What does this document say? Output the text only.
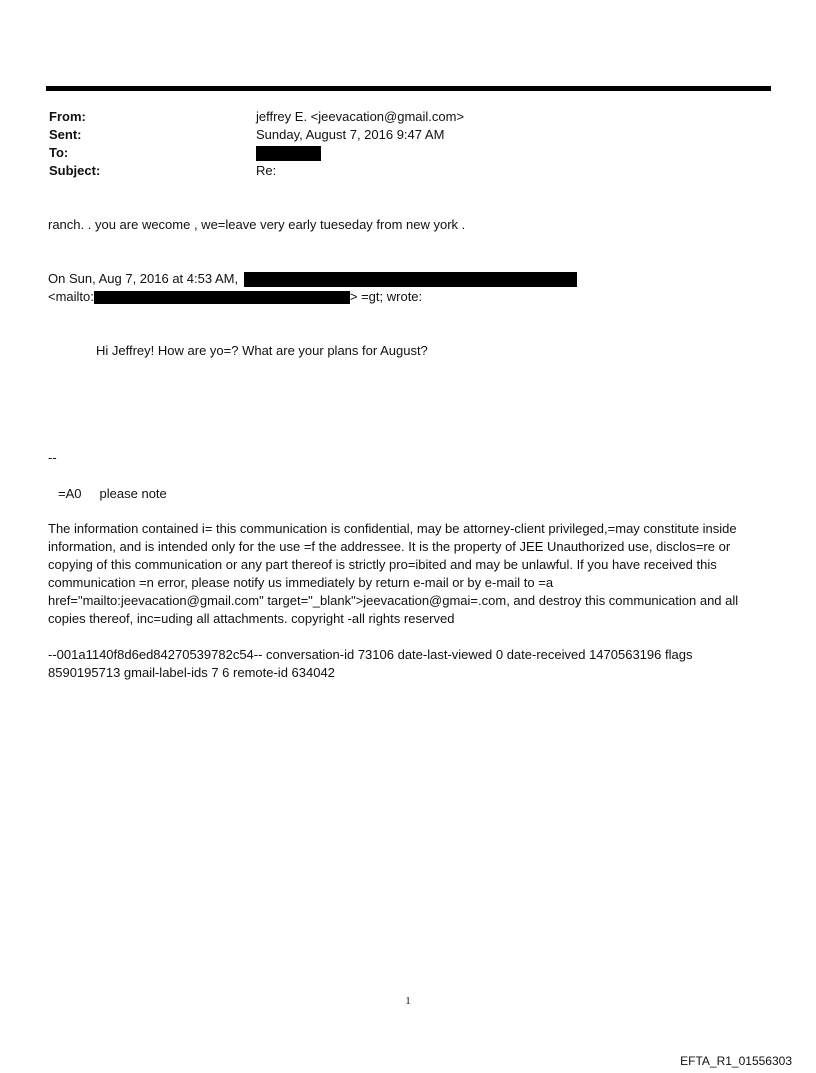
From:	jeffrey E. <jeevacation@gmail.com>
Sent:	Sunday, August 7, 2016 9:47 AM
To:
Subject:	Re:
ranch. . you are wecome , we=leave very early tueseday from new york .
On Sun, Aug 7, 2016 at 4:53 AM,
<mailto:	> =gt; wrote:
Hi Jeffrey! How are yo=? What are your plans for August?
--
=A0     please note
The information contained i= this communication is confidential, may be attorney-client privileged,=may constitute inside information, and is intended only for the use =f the addressee. It is the property of JEE Unauthorized use, disclos=re or copying of this communication or any part thereof is strictly pro=ibited and may be unlawful. If you have received this communication =n error, please notify us immediately by return e-mail or by e-mail to =a href="mailto:jeevacation@gmail.com" target="_blank">jeevacation@gmai=.com, and destroy this communication and all copies thereof, inc=uding all attachments. copyright -all rights reserved
--001a1140f8d6ed84270539782c54-- conversation-id 73106 date-last-viewed 0 date-received 1470563196 flags 8590195713 gmail-label-ids 7 6 remote-id 634042
1
EFTA_R1_01556303
